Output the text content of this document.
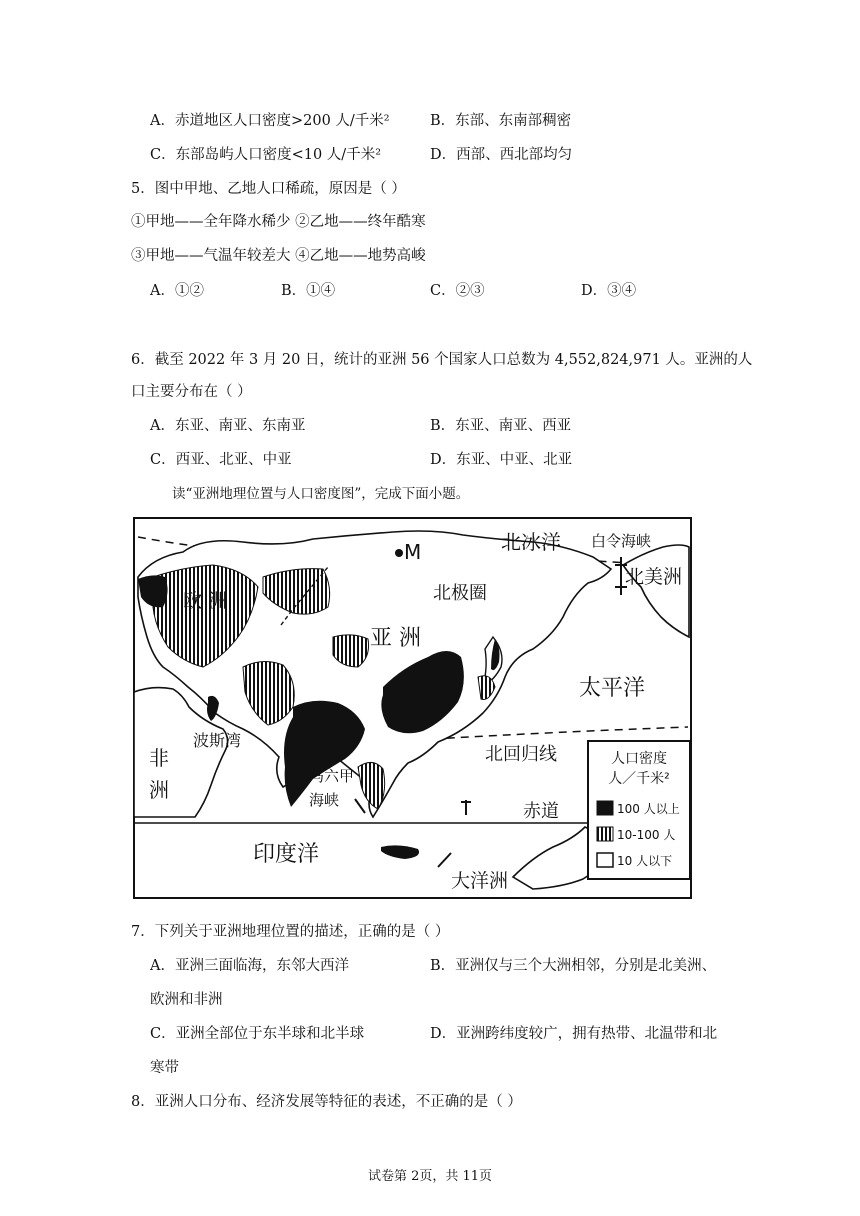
A．赤道地区人口密度>200 人/千米²	B．东部、东南部稠密
C．东部岛屿人口密度<10 人/千米²	D．西部、西北部均匀
5．图中甲地、乙地人口稀疏，原因是（ ）
①甲地——全年降水稀少 ②乙地——终年酷寒
③甲地——气温年较差大 ④乙地——地势高峻
A．①②	B．①④	C．②③	D．③④
6．截至 2022 年 3 月 20 日，统计的亚洲 56 个国家人口总数为 4,552,824,971 人。亚洲的人
口主要分布在（ ）
A．东亚、南亚、东南亚	B．东亚、南亚、西亚
C．西亚、北亚、中亚	D．东亚、中亚、北亚
读“亚洲地理位置与人口密度图”，完成下面小题。
北冰洋 白令海峡
北美洲
欧 洲	北极圈
亚 洲
太平洋
波斯湾
非
洲
马六甲
海峡
北回归线
赤道
印度洋
大洋洲
M
人口密度
人／千米²
100 人以上
10-100 人
10 人以下
7．下列关于亚洲地理位置的描述，正确的是（ ）
A．亚洲三面临海，东邻大西洋	B．亚洲仅与三个大洲相邻，分别是北美洲、
欧洲和非洲
C．亚洲全部位于东半球和北半球	D．亚洲跨纬度较广，拥有热带、北温带和北
寒带
8．亚洲人口分布、经济发展等特征的表述，不正确的是（ ）
试卷第 2页，共 11页
